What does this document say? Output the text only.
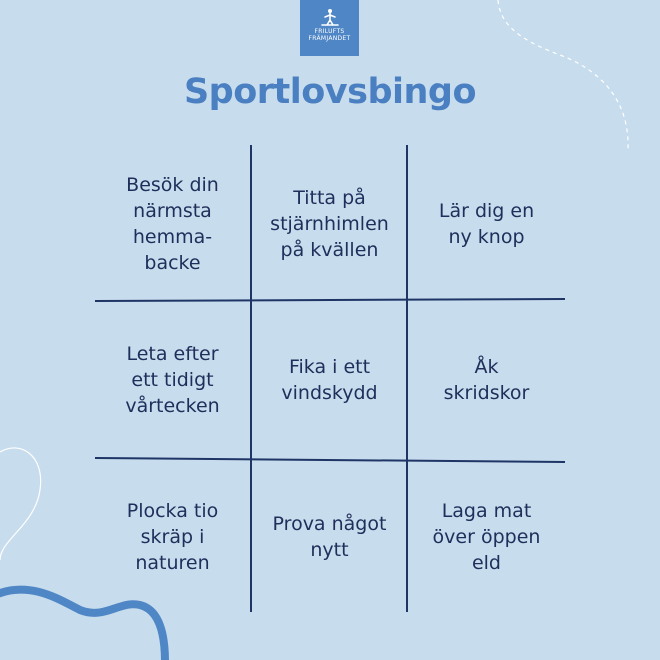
FRILUFTS
FRÄMJANDET
Sportlovsbingo
Besök din
närmsta
hemma-
backe
Titta på
stjärnhimlen
på kvällen
Lär dig en
ny knop
Leta efter
ett tidigt
vårtecken
Fika i ett
vindskydd
Åk
skridskor
Plocka tio
skräp i
naturen
Prova något
nytt
Laga mat
över öppen
eld
